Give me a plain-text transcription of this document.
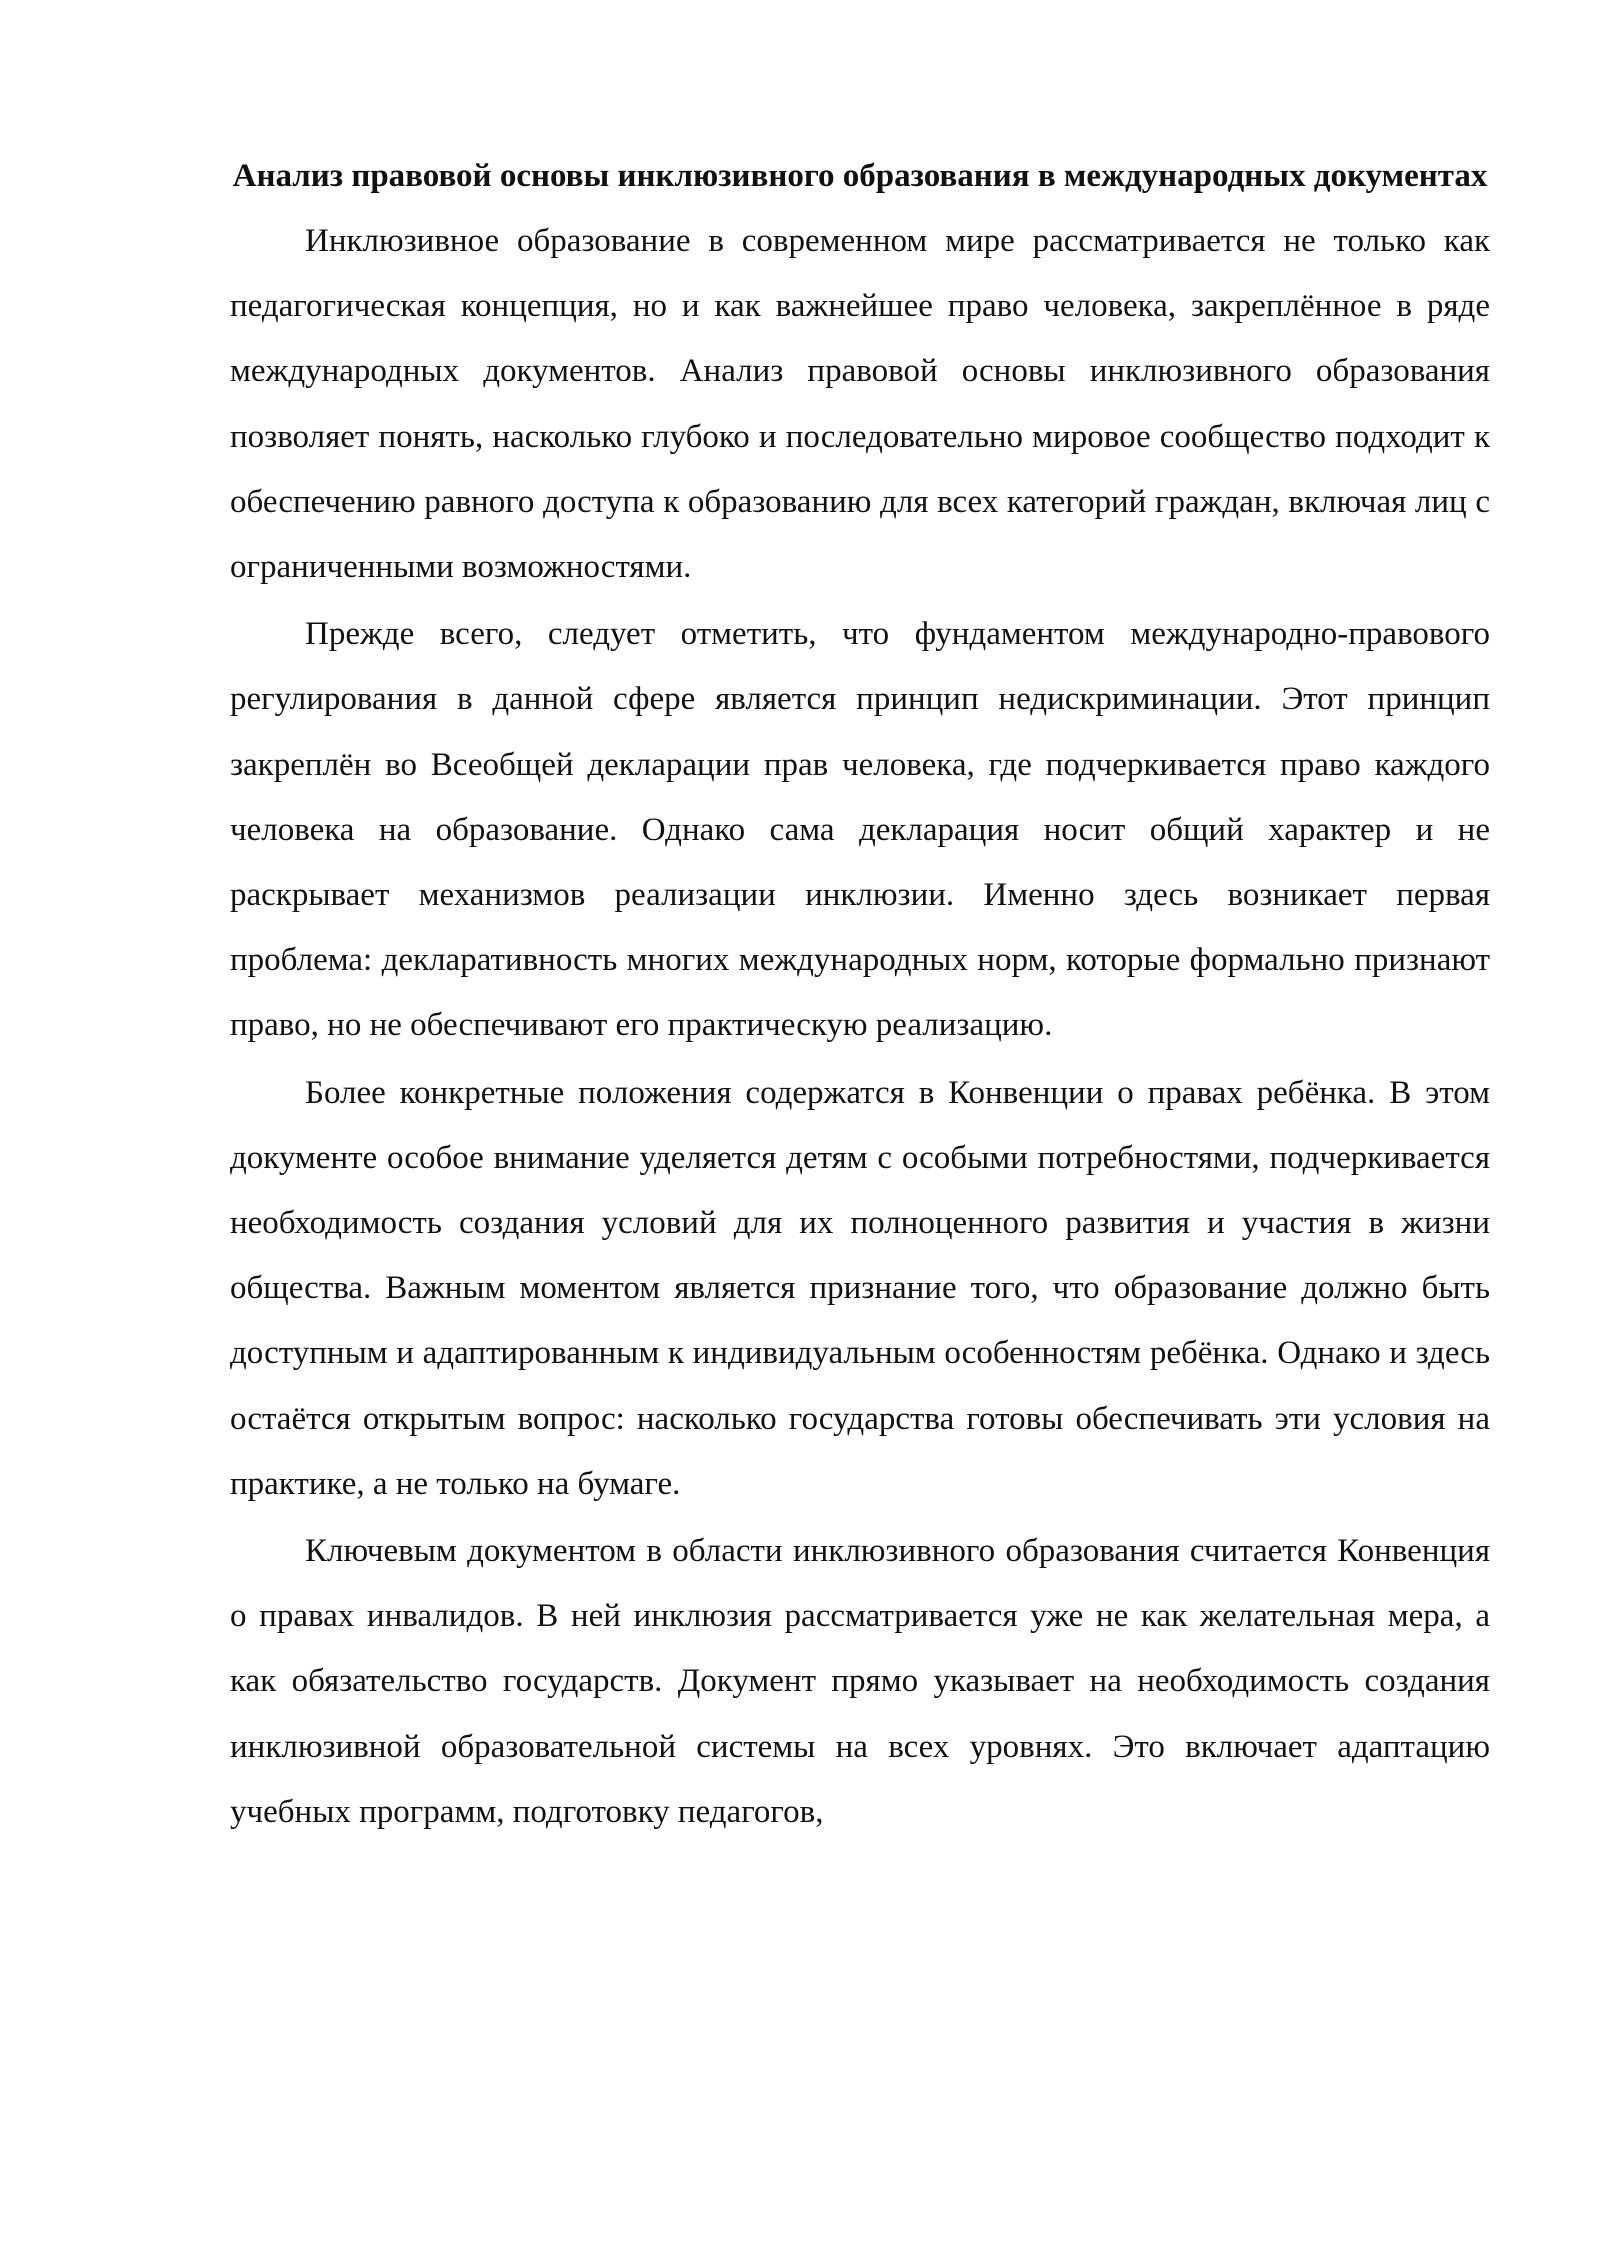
Анализ правовой основы инклюзивного образования в международных документах

Инклюзивное образование в современном мире рассматривается не только как педагогическая концепция, но и как важнейшее право человека, закреплённое в ряде международных документов. Анализ правовой основы инклюзивного образования позволяет понять, насколько глубоко и последовательно мировое сообщество подходит к обеспечению равного доступа к образованию для всех категорий граждан, включая лиц с ограниченными возможностями.

Прежде всего, следует отметить, что фундаментом международно-правового регулирования в данной сфере является принцип недискриминации. Этот принцип закреплён во Всеобщей декларации прав человека, где подчеркивается право каждого человека на образование. Однако сама декларация носит общий характер и не раскрывает механизмов реализации инклюзии. Именно здесь возникает первая проблема: декларативность многих международных норм, которые формально признают право, но не обеспечивают его практическую реализацию.

Более конкретные положения содержатся в Конвенции о правах ребёнка. В этом документе особое внимание уделяется детям с особыми потребностями, подчеркивается необходимость создания условий для их полноценного развития и участия в жизни общества. Важным моментом является признание того, что образование должно быть доступным и адаптированным к индивидуальным особенностям ребёнка. Однако и здесь остаётся открытым вопрос: насколько государства готовы обеспечивать эти условия на практике, а не только на бумаге.

Ключевым документом в области инклюзивного образования считается Конвенция о правах инвалидов. В ней инклюзия рассматривается уже не как желательная мера, а как обязательство государств. Документ прямо указывает на необходимость создания инклюзивной образовательной системы на всех уровнях. Это включает адаптацию учебных программ, подготовку педагогов,
